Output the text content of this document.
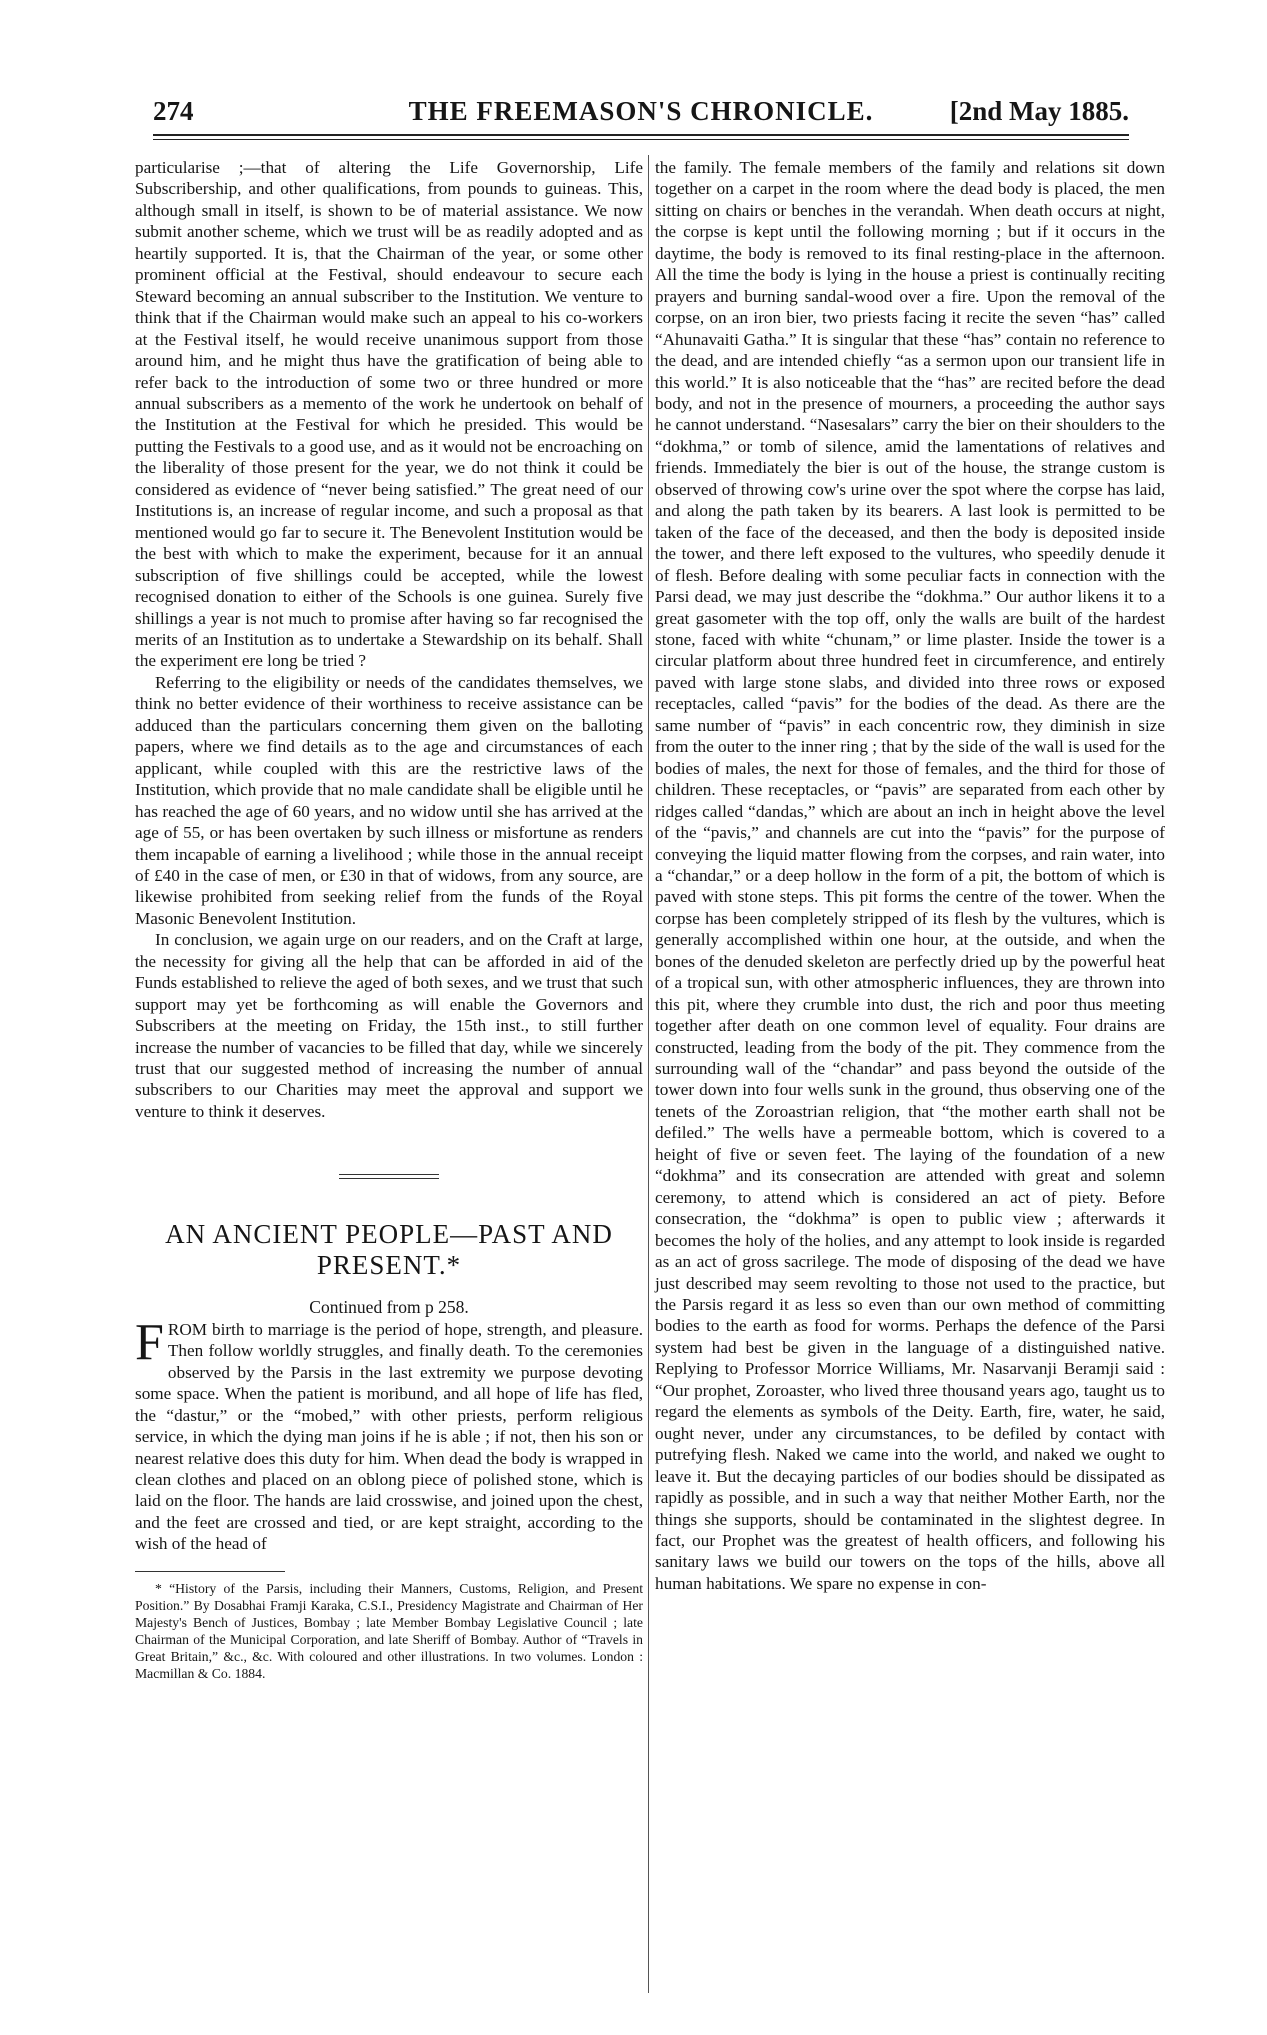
274	THE FREEMASON'S CHRONICLE.	[2nd May 1885.

particularise ;—that of altering the Life Governorship, Life Subscribership, and other qualifications, from pounds to guineas. This, although small in itself, is shown to be of material assistance. We now submit another scheme, which we trust will be as readily adopted and as heartily supported. It is, that the Chairman of the year, or some other prominent official at the Festival, should endeavour to secure each Steward becoming an annual subscriber to the Institution. We venture to think that if the Chairman would make such an appeal to his co-workers at the Festival itself, he would receive unanimous support from those around him, and he might thus have the gratification of being able to refer back to the introduction of some two or three hundred or more annual subscribers as a memento of the work he undertook on behalf of the Institution at the Festival for which he presided. This would be putting the Festivals to a good use, and as it would not be encroaching on the liberality of those present for the year, we do not think it could be considered as evidence of “never being satisfied.” The great need of our Institutions is, an increase of regular income, and such a proposal as that mentioned would go far to secure it. The Benevolent Institution would be the best with which to make the experiment, because for it an annual subscription of five shillings could be accepted, while the lowest recognised donation to either of the Schools is one guinea. Surely five shillings a year is not much to promise after having so far recognised the merits of an Institution as to undertake a Stewardship on its behalf. Shall the experiment ere long be tried ?

Referring to the eligibility or needs of the candidates themselves, we think no better evidence of their worthiness to receive assistance can be adduced than the particulars concerning them given on the balloting papers, where we find details as to the age and circumstances of each applicant, while coupled with this are the restrictive laws of the Institution, which provide that no male candidate shall be eligible until he has reached the age of 60 years, and no widow until she has arrived at the age of 55, or has been overtaken by such illness or misfortune as renders them incapable of earning a livelihood ; while those in the annual receipt of £40 in the case of men, or £30 in that of widows, from any source, are likewise prohibited from seeking relief from the funds of the Royal Masonic Benevolent Institution.

In conclusion, we again urge on our readers, and on the Craft at large, the necessity for giving all the help that can be afforded in aid of the Funds established to relieve the aged of both sexes, and we trust that such support may yet be forthcoming as will enable the Governors and Subscribers at the meeting on Friday, the 15th inst., to still further increase the number of vacancies to be filled that day, while we sincerely trust that our suggested method of increasing the number of annual subscribers to our Charities may meet the approval and support we venture to think it deserves.

AN ANCIENT PEOPLE—PAST AND PRESENT.*

Continued from p 258.

FROM birth to marriage is the period of hope, strength, and pleasure. Then follow worldly struggles, and finally death. To the ceremonies observed by the Parsis in the last extremity we purpose devoting some space. When the patient is moribund, and all hope of life has fled, the “dastur,” or the “mobed,” with other priests, perform religious service, in which the dying man joins if he is able ; if not, then his son or nearest relative does this duty for him. When dead the body is wrapped in clean clothes and placed on an oblong piece of polished stone, which is laid on the floor. The hands are laid crosswise, and joined upon the chest, and the feet are crossed and tied, or are kept straight, according to the wish of the head of

* “History of the Parsis, including their Manners, Customs, Religion, and Present Position.” By Dosabhai Framji Karaka, C.S.I., Presidency Magistrate and Chairman of Her Majesty's Bench of Justices, Bombay ; late Member Bombay Legislative Council ; late Chairman of the Municipal Corporation, and late Sheriff of Bombay. Author of “Travels in Great Britain,” &c., &c. With coloured and other illustrations. In two volumes. London : Macmillan & Co. 1884.

the family. The female members of the family and relations sit down together on a carpet in the room where the dead body is placed, the men sitting on chairs or benches in the verandah. When death occurs at night, the corpse is kept until the following morning ; but if it occurs in the daytime, the body is removed to its final resting-place in the afternoon. All the time the body is lying in the house a priest is continually reciting prayers and burning sandal-wood over a fire. Upon the removal of the corpse, on an iron bier, two priests facing it recite the seven “has” called “Ahunavaiti Gatha.” It is singular that these “has” contain no reference to the dead, and are intended chiefly “as a sermon upon our transient life in this world.” It is also noticeable that the “has” are recited before the dead body, and not in the presence of mourners, a proceeding the author says he cannot understand. “Nasesalars” carry the bier on their shoulders to the “dokhma,” or tomb of silence, amid the lamentations of relatives and friends. Immediately the bier is out of the house, the strange custom is observed of throwing cow's urine over the spot where the corpse has laid, and along the path taken by its bearers. A last look is permitted to be taken of the face of the deceased, and then the body is deposited inside the tower, and there left exposed to the vultures, who speedily denude it of flesh. Before dealing with some peculiar facts in connection with the Parsi dead, we may just describe the “dokhma.” Our author likens it to a great gasometer with the top off, only the walls are built of the hardest stone, faced with white “chunam,” or lime plaster. Inside the tower is a circular platform about three hundred feet in circumference, and entirely paved with large stone slabs, and divided into three rows or exposed receptacles, called “pavis” for the bodies of the dead. As there are the same number of “pavis” in each concentric row, they diminish in size from the outer to the inner ring ; that by the side of the wall is used for the bodies of males, the next for those of females, and the third for those of children. These receptacles, or “pavis” are separated from each other by ridges called “dandas,” which are about an inch in height above the level of the “pavis,” and channels are cut into the “pavis” for the purpose of conveying the liquid matter flowing from the corpses, and rain water, into a “chandar,” or a deep hollow in the form of a pit, the bottom of which is paved with stone steps. This pit forms the centre of the tower. When the corpse has been completely stripped of its flesh by the vultures, which is generally accomplished within one hour, at the outside, and when the bones of the denuded skeleton are perfectly dried up by the powerful heat of a tropical sun, with other atmospheric influences, they are thrown into this pit, where they crumble into dust, the rich and poor thus meeting together after death on one common level of equality. Four drains are constructed, leading from the body of the pit. They commence from the surrounding wall of the “chandar” and pass beyond the outside of the tower down into four wells sunk in the ground, thus observing one of the tenets of the Zoroastrian religion, that “the mother earth shall not be defiled.” The wells have a permeable bottom, which is covered to a height of five or seven feet. The laying of the foundation of a new “dokhma” and its consecration are attended with great and solemn ceremony, to attend which is considered an act of piety. Before consecration, the “dokhma” is open to public view ; afterwards it becomes the holy of the holies, and any attempt to look inside is regarded as an act of gross sacrilege. The mode of disposing of the dead we have just described may seem revolting to those not used to the practice, but the Parsis regard it as less so even than our own method of committing bodies to the earth as food for worms. Perhaps the defence of the Parsi system had best be given in the language of a distinguished native. Replying to Professor Morrice Williams, Mr. Nasarvanji Beramji said : “Our prophet, Zoroaster, who lived three thousand years ago, taught us to regard the elements as symbols of the Deity. Earth, fire, water, he said, ought never, under any circumstances, to be defiled by contact with putrefying flesh. Naked we came into the world, and naked we ought to leave it. But the decaying particles of our bodies should be dissipated as rapidly as possible, and in such a way that neither Mother Earth, nor the things she supports, should be contaminated in the slightest degree. In fact, our Prophet was the greatest of health officers, and following his sanitary laws we build our towers on the tops of the hills, above all human habitations. We spare no expense in con-
